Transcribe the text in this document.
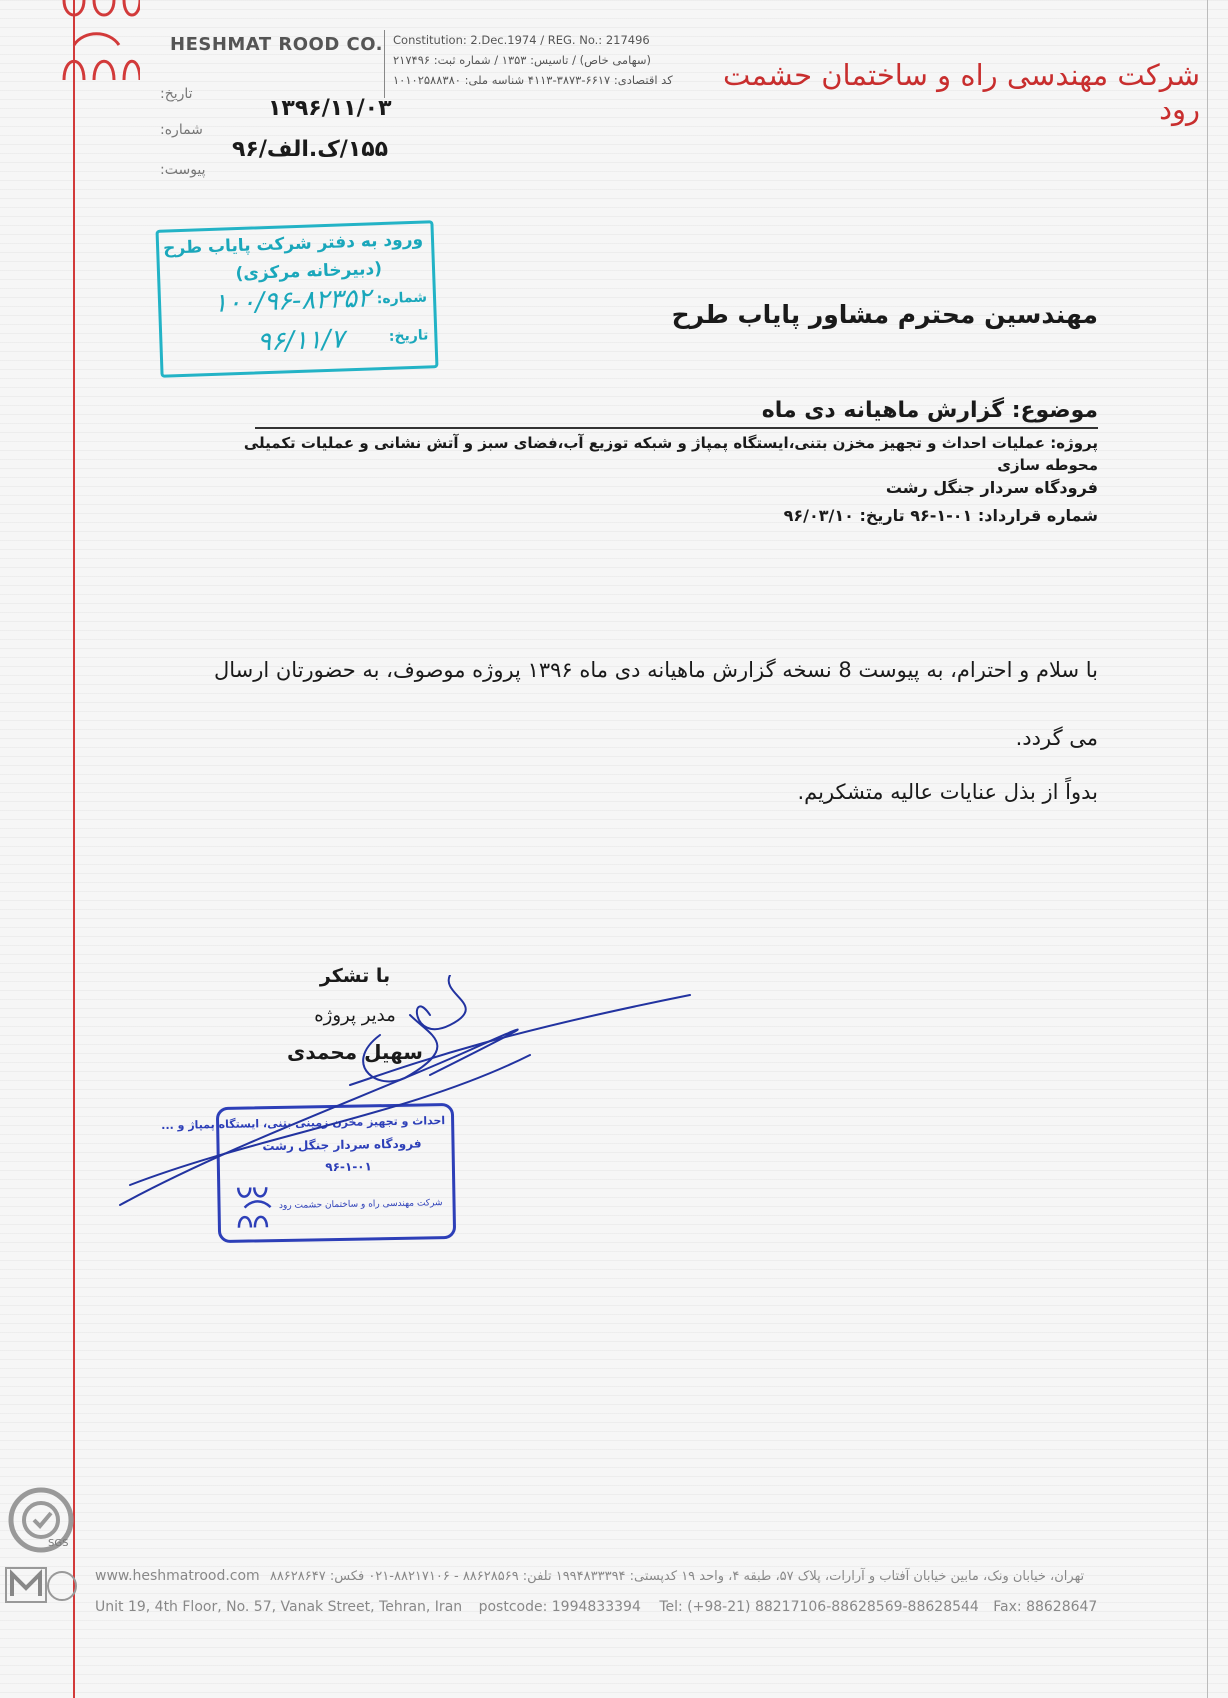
HESHMAT ROOD CO. Constitution: 2.Dec.1974 / REG. No.: 217496
(سهامی خاص) / تاسیس: ۱۳۵۳ / شماره ثبت: ۲۱۷۴۹۶
کد اقتصادی: ۶۶۱۷-۳۸۷۳-۴۱۱۳ شناسه ملی: ۱۰۱۰۲۵۸۸۳۸۰	شرکت مهندسی راه و ساختمان حشمت رود
تاریخ:
۱۳۹۶/۱۱/۰۳
شماره:
۱۵۵/ک.الف/۹۶
پیوست:
ورود به دفتر شرکت پایاب طرح
(دبیرخانه مرکزی)
شماره:
۱۰۰/۹۶-۸۲۳۵۲
تاریخ:
۹۶/۱۱/۷
مهندسین محترم مشاور پایاب طرح
موضوع: گزارش ماهیانه دی ماه
پروژه: عملیات احداث و تجهیز مخزن بتنی،ایستگاه پمپاژ و شبکه توزیع آب،فضای سبز و آتش نشانی و عملیات تکمیلی محوطه سازی
فرودگاه سردار جنگل رشت
شماره قرارداد: ۰۱-۱-۹۶ تاریخ: ۹۶/۰۳/۱۰
با سلام و احترام، به پیوست 8 نسخه گزارش ماهیانه دی ماه ۱۳۹۶ پروژه موصوف، به حضورتان ارسال
می گردد.
بدواً از بذل عنایات عالیه متشکریم.
با تشکر
مدیر پروژه
سهیل محمدی
احداث و تجهیز مخزن زمینی بتنی، ایستگاه پمپاژ و ...
فرودگاه سردار جنگل رشت
۹۶-۱-۰۱
شرکت مهندسی راه و ساختمان حشمت رود
SGS
www.heshmatrood.com تهران، خیابان ونک، مابین خیابان آفتاب و آرارات، پلاک ۵۷، طبقه ۴، واحد ۱۹ کدپستی: ۱۹۹۴۸۳۳۳۹۴ تلفن: ۸۸۶۲۸۵۶۹ - ۸۸۲۱۷۱۰۶-۰۲۱ فکس: ۸۸۶۲۸۶۴۷
Unit 19, 4th Floor, No. 57, Vanak Street, Tehran, Iran postcode: 1994833394 Tel: (+98-21) 88217106-88628569-88628544 Fax: 88628647
